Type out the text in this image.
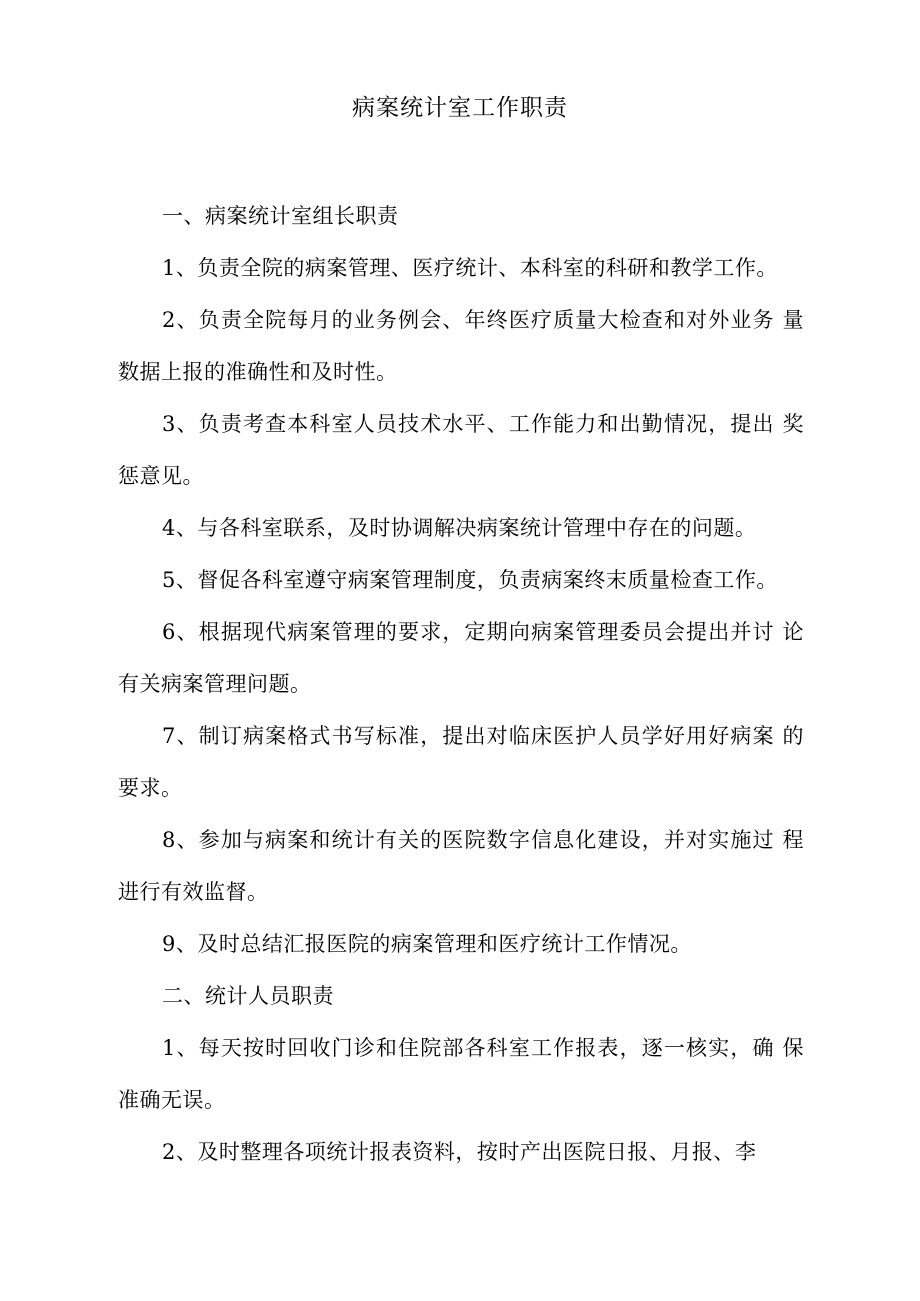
病案统计室工作职责

一、病案统计室组长职责

1、负责全院的病案管理、医疗统计、本科室的科研和教学工作。

2、负责全院每月的业务例会、年终医疗质量大检查和对外业务 量数据上报的准确性和及时性。

3、负责考查本科室人员技术水平、工作能力和出勤情况，提出 奖惩意见。

4、与各科室联系，及时协调解决病案统计管理中存在的问题。

5、督促各科室遵守病案管理制度，负责病案终末质量检查工作。

6、根据现代病案管理的要求，定期向病案管理委员会提出并讨 论有关病案管理问题。

7、制订病案格式书写标准，提出对临床医护人员学好用好病案 的要求。

8、参加与病案和统计有关的医院数字信息化建设，并对实施过 程进行有效监督。

9、及时总结汇报医院的病案管理和医疗统计工作情况。

二、统计人员职责

1、每天按时回收门诊和住院部各科室工作报表，逐一核实，确 保准确无误。

2、及时整理各项统计报表资料，按时产出医院日报、月报、李
